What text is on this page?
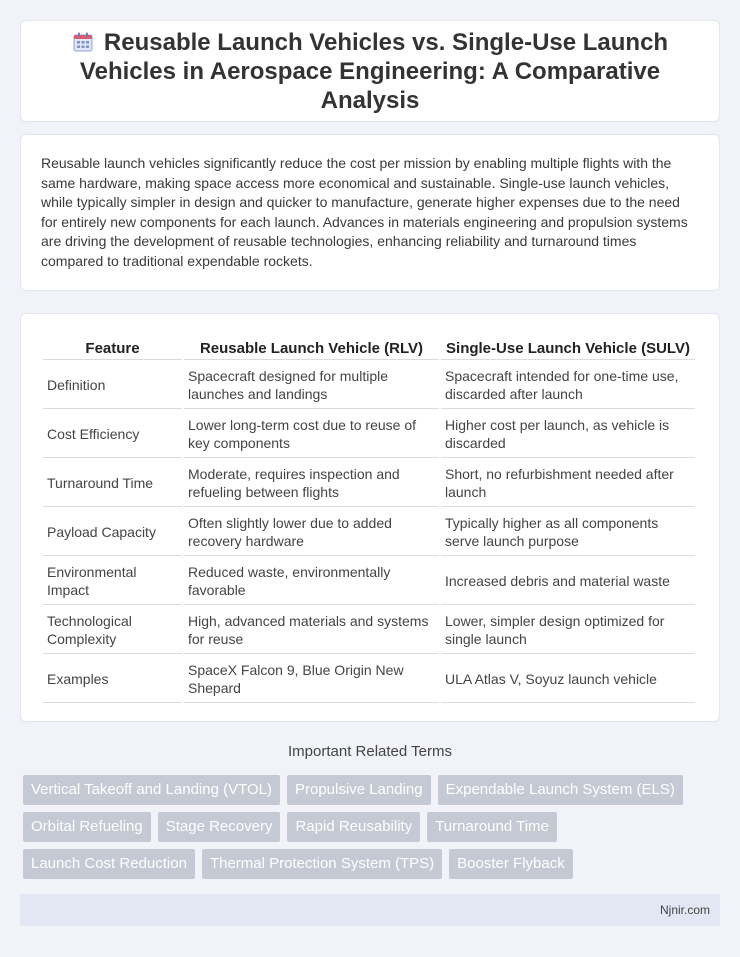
Reusable Launch Vehicles vs. Single-Use Launch Vehicles in Aerospace Engineering: A Comparative Analysis

Reusable launch vehicles significantly reduce the cost per mission by enabling multiple flights with the same hardware, making space access more economical and sustainable. Single-use launch vehicles, while typically simpler in design and quicker to manufacture, generate higher expenses due to the need for entirely new components for each launch. Advances in materials engineering and propulsion systems are driving the development of reusable technologies, enhancing reliability and turnaround times compared to traditional expendable rockets.

Feature	Reusable Launch Vehicle (RLV)	Single-Use Launch Vehicle (SULV)
Definition	Spacecraft designed for multiple launches and landings	Spacecraft intended for one-time use, discarded after launch
Cost Efficiency	Lower long-term cost due to reuse of key components	Higher cost per launch, as vehicle is discarded
Turnaround Time	Moderate, requires inspection and refueling between flights	Short, no refurbishment needed after launch
Payload Capacity	Often slightly lower due to added recovery hardware	Typically higher as all components serve launch purpose
Environmental Impact	Reduced waste, environmentally favorable	Increased debris and material waste
Technological Complexity	High, advanced materials and systems for reuse	Lower, simpler design optimized for single launch
Examples	SpaceX Falcon 9, Blue Origin New Shepard	ULA Atlas V, Soyuz launch vehicle
Important Related Terms
Vertical Takeoff and Landing (VTOL)	Propulsive Landing	Expendable Launch System (ELS)
Orbital Refueling	Stage Recovery	Rapid Reusability	Turnaround Time
Launch Cost Reduction	Thermal Protection System (TPS)	Booster Flyback
Njnir.com
